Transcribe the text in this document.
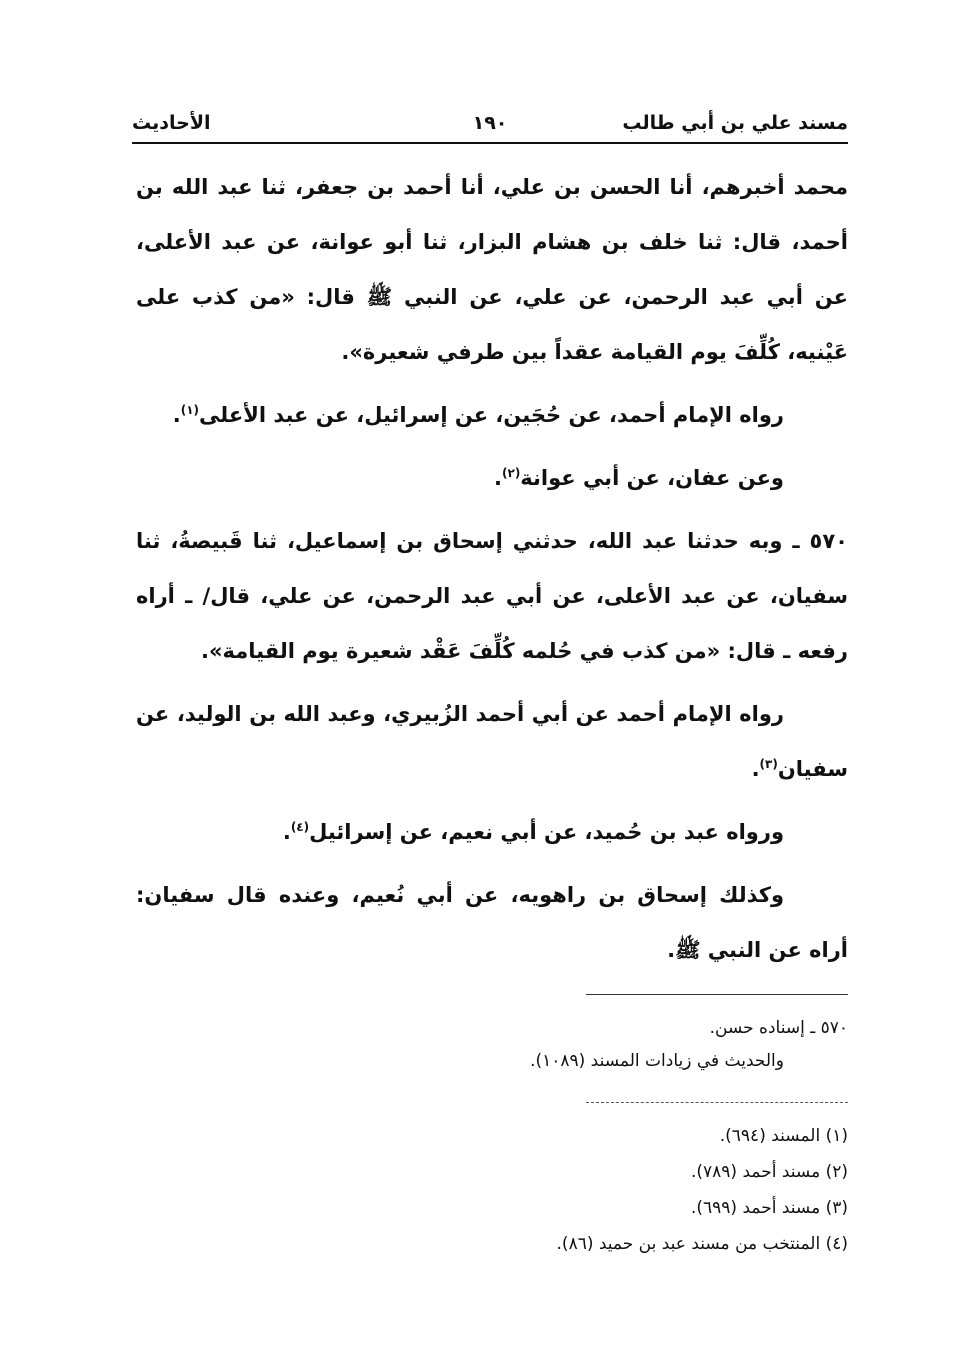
مسند علي بن أبي طالب
١٩٠
الأحاديث

محمد أخبرهم، أنا الحسن بن علي، أنا أحمد بن جعفر، ثنا عبد الله بن أحمد، قال: ثنا خلف بن هشام البزار، ثنا أبو عوانة، عن عبد الأعلى، عن أبي عبد الرحمن، عن علي، عن النبي ﷺ قال: «من كذب على عَيْنيه، كُلِّفَ يوم القيامة عقداً بين طرفي شعيرة».

رواه الإمام أحمد، عن حُجَين، عن إسرائيل، عن عبد الأعلى$^{(١)}$.

وعن عفان، عن أبي عوانة$^{(٢)}$.

٥٧٠ ـ وبه حدثنا عبد الله، حدثني إسحاق بن إسماعيل، ثنا قَبيصةُ، ثنا سفيان، عن عبد الأعلى، عن أبي عبد الرحمن، عن علي، قال/ ـ أراه رفعه ـ قال: «من كذب في حُلمه كُلِّفَ عَقْد شعيرة يوم القيامة».

رواه الإمام أحمد عن أبي أحمد الزُبيري، وعبد الله بن الوليد، عن سفيان$^{(٣)}$.

ورواه عبد بن حُميد، عن أبي نعيم، عن إسرائيل$^{(٤)}$.

وكذلك إسحاق بن راهويه، عن أبي نُعيم، وعنده قال سفيان: أراه عن النبي ﷺ.

٥٧٠ ـ إسناده حسن.

والحديث في زيادات المسند (١٠٨٩).

(١) المسند (٦٩٤).

(٢) مسند أحمد (٧٨٩).

(٣) مسند أحمد (٦٩٩).

(٤) المنتخب من مسند عبد بن حميد (٨٦).
